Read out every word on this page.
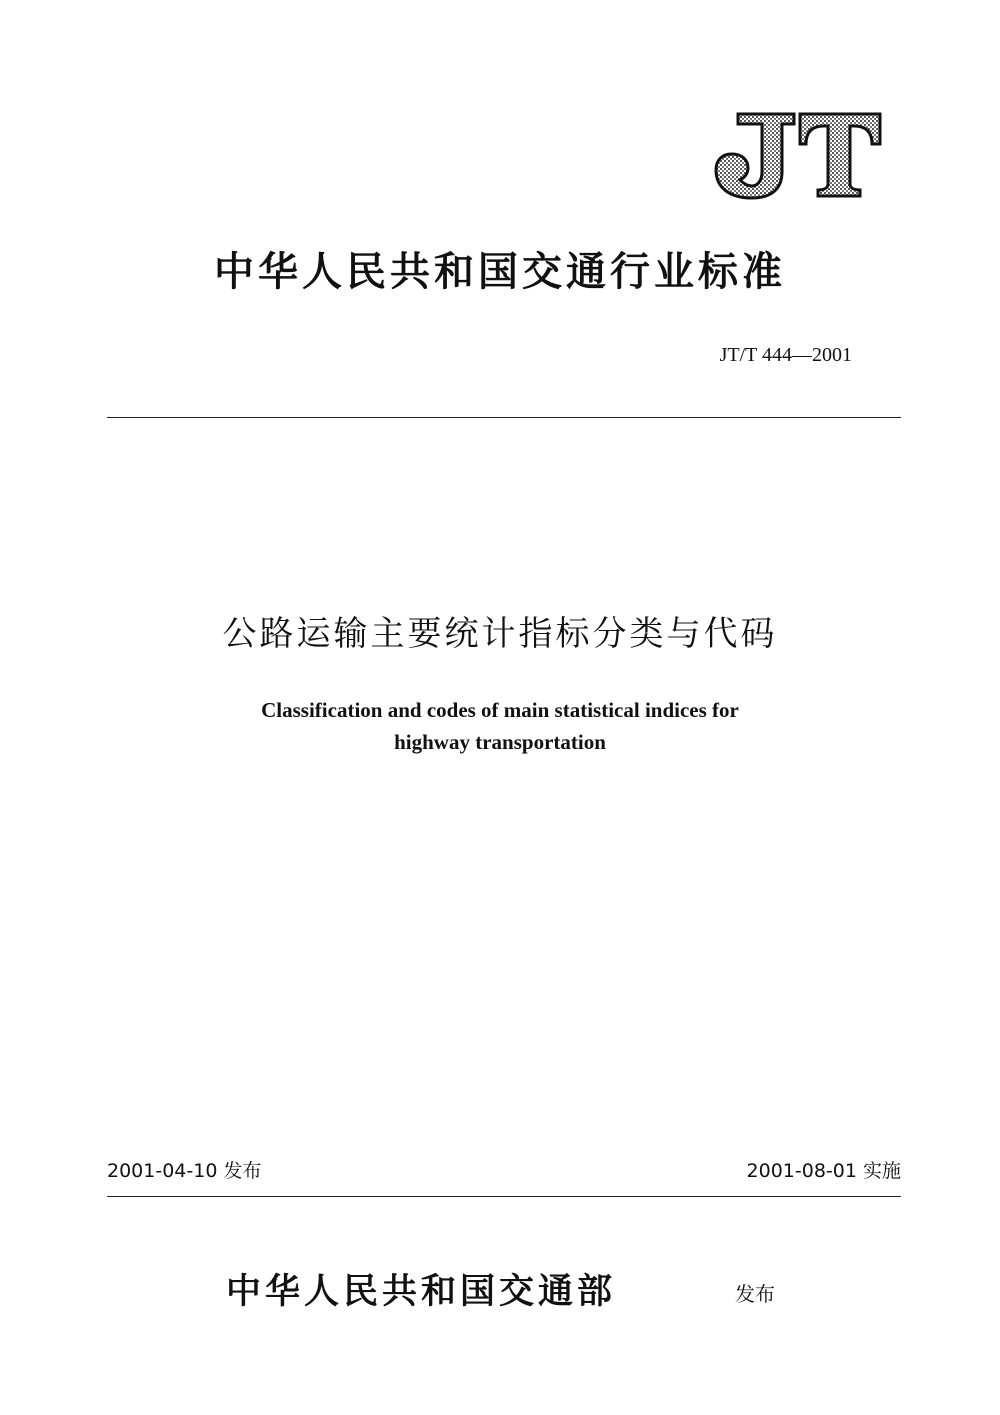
中华人民共和国交通行业标准
JT/T 444—2001
公路运输主要统计指标分类与代码
Classification and codes of main statistical indices for
highway transportation
2001-04-10 发布	2001-08-01 实施
中华人民共和国交通部	发布
